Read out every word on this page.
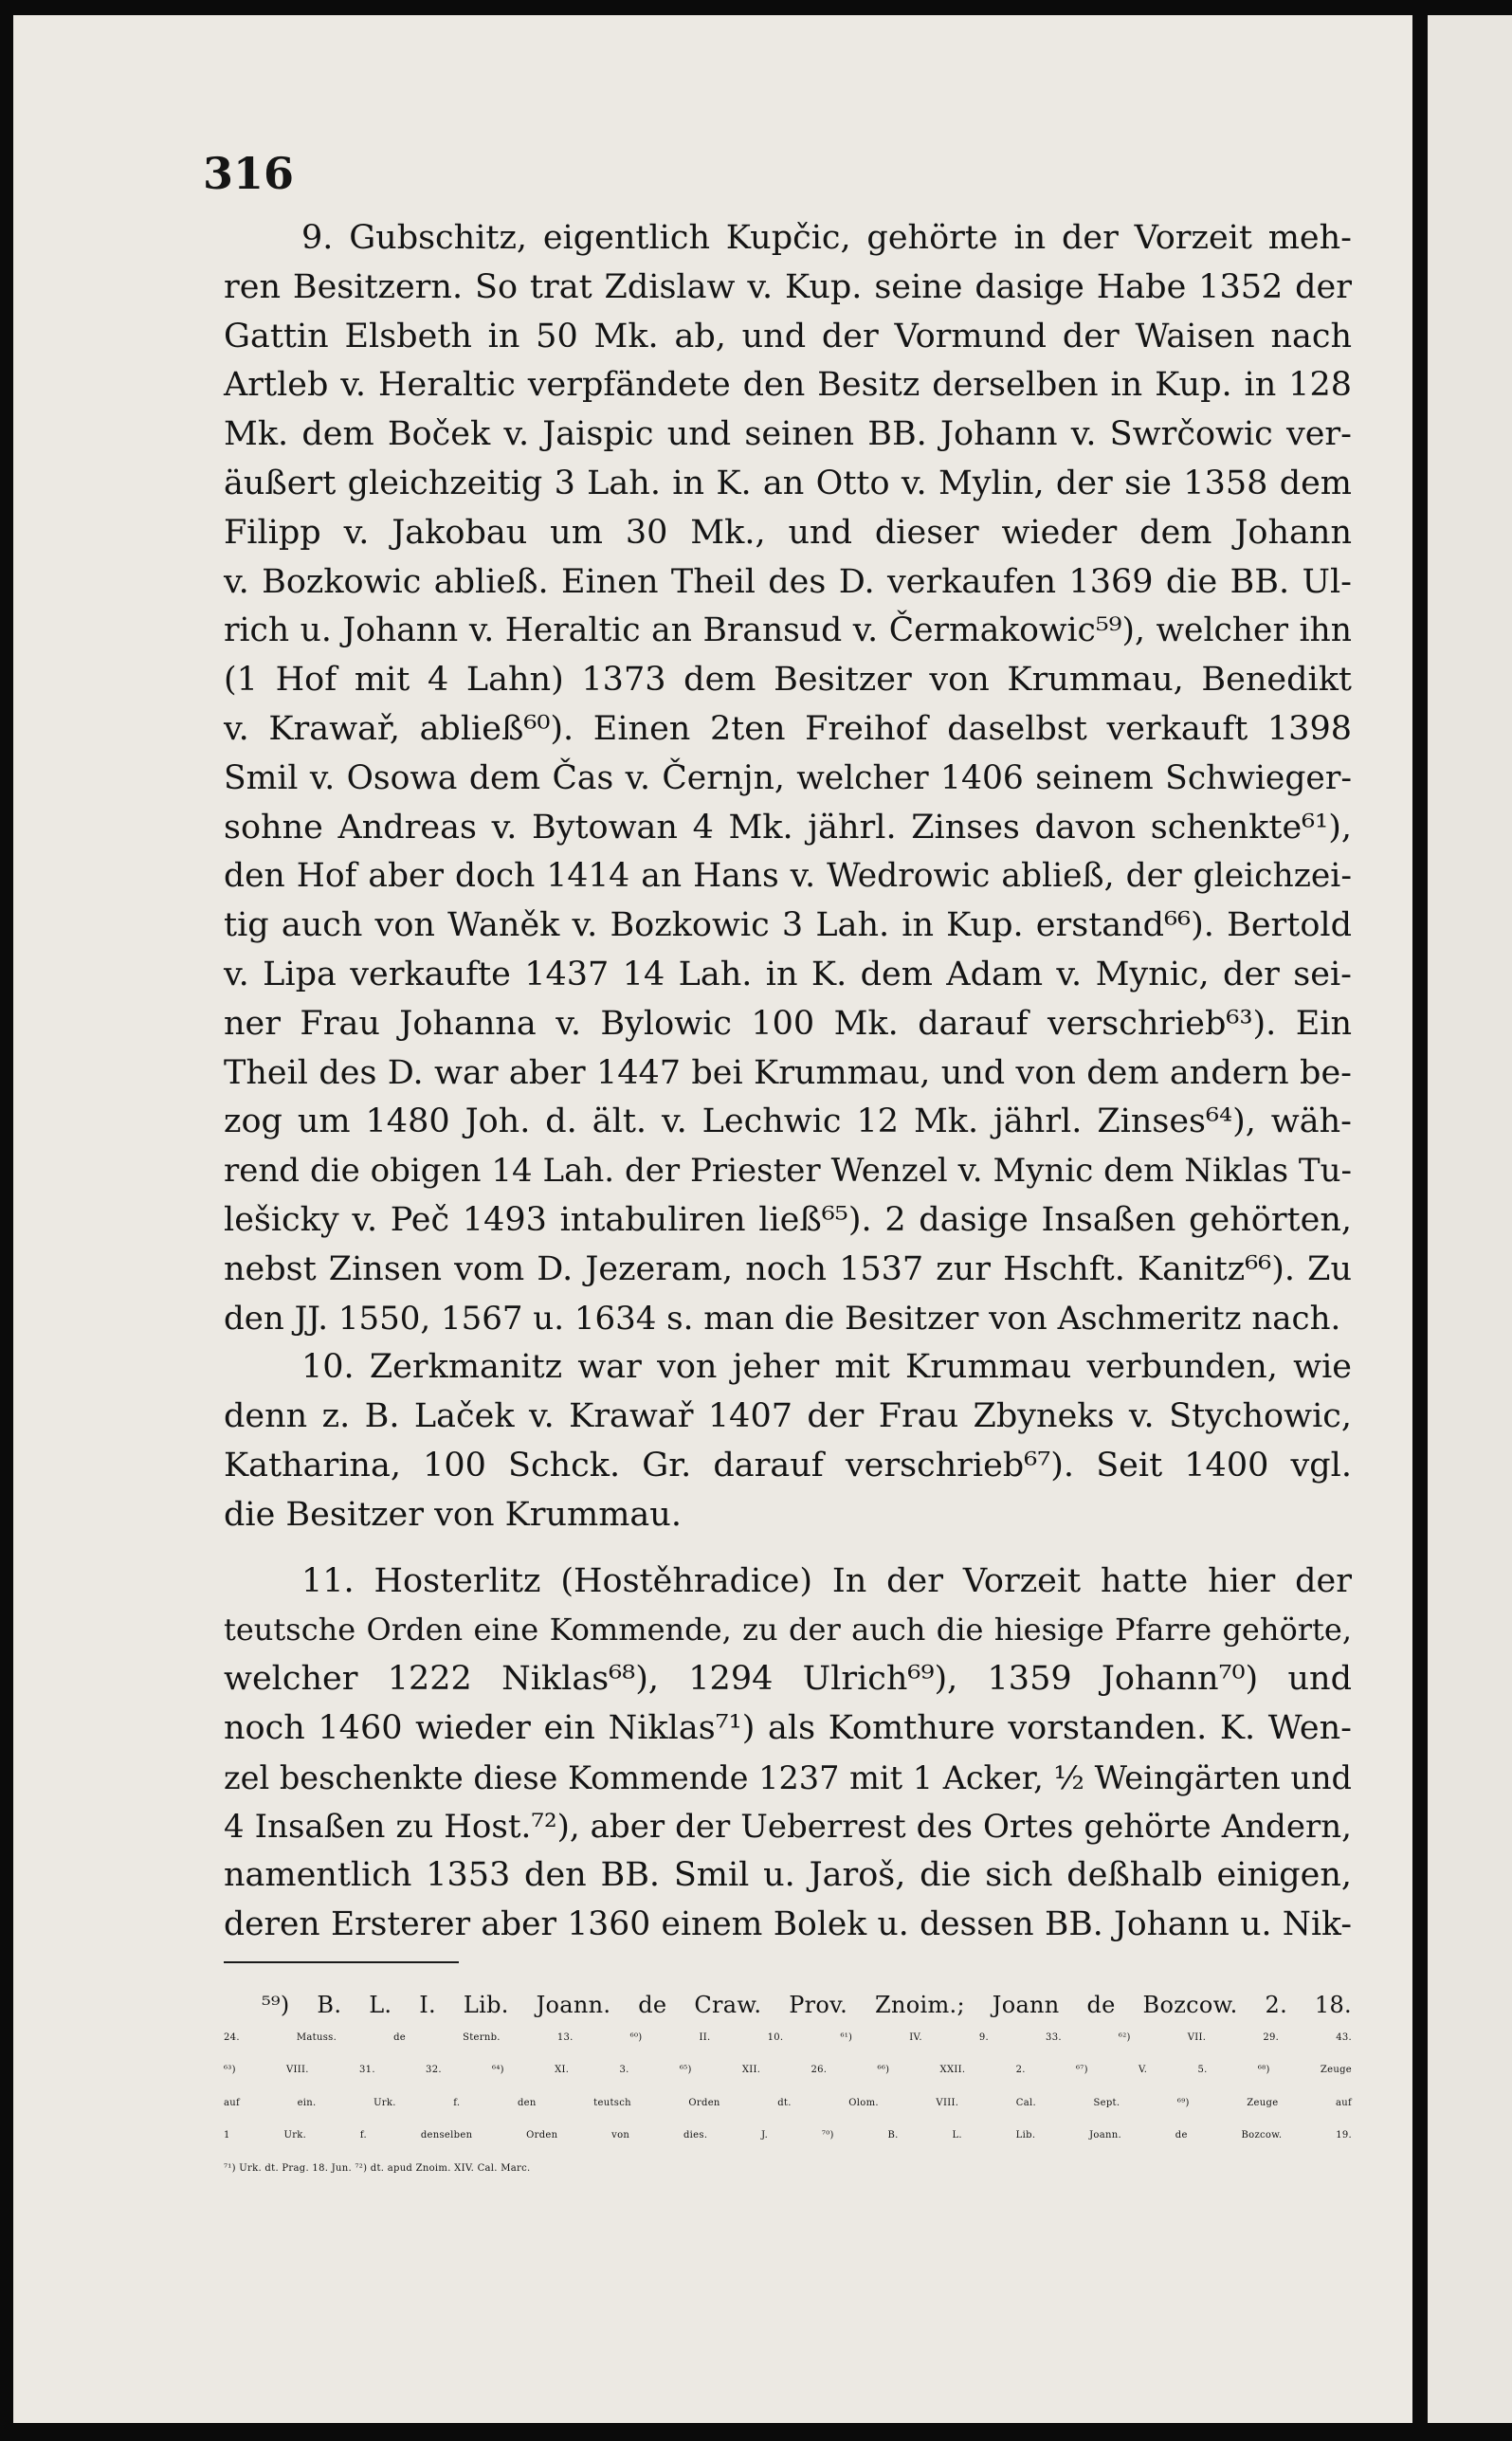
316
9. Gubschitz, eigentlich Kupčic, gehörte in der Vorzeit meh-
ren Besitzern. So trat Zdislaw v. Kup. seine dasige Habe 1352 der
Gattin Elsbeth in 50 Mk. ab, und der Vormund der Waisen nach
Artleb v. Heraltic verpfändete den Besitz derselben in Kup. in 128
Mk. dem Boček v. Jaispic und seinen BB. Johann v. Swrčowic ver-
äußert gleichzeitig 3 Lah. in K. an Otto v. Mylin, der sie 1358 dem
Filipp v. Jakobau um 30 Mk., und dieser wieder dem Johann
v. Bozkowic abließ. Einen Theil des D. verkaufen 1369 die BB. Ul-
rich u. Johann v. Heraltic an Bransud v. Čermakowic⁵⁹), welcher ihn
(1 Hof mit 4 Lahn) 1373 dem Besitzer von Krummau, Benedikt
v. Krawař, abließ⁶⁰). Einen 2ten Freihof daselbst verkauft 1398
Smil v. Osowa dem Čas v. Černjn, welcher 1406 seinem Schwieger-
sohne Andreas v. Bytowan 4 Mk. jährl. Zinses davon schenkte⁶¹),
den Hof aber doch 1414 an Hans v. Wedrowic abließ, der gleichzei-
tig auch von Waněk v. Bozkowic 3 Lah. in Kup. erstand⁶⁶). Bertold
v. Lipa verkaufte 1437 14 Lah. in K. dem Adam v. Mynic, der sei-
ner Frau Johanna v. Bylowic 100 Mk. darauf verschrieb⁶³). Ein
Theil des D. war aber 1447 bei Krummau, und von dem andern be-
zog um 1480 Joh. d. ält. v. Lechwic 12 Mk. jährl. Zinses⁶⁴), wäh-
rend die obigen 14 Lah. der Priester Wenzel v. Mynic dem Niklas Tu-
lešicky v. Peč 1493 intabuliren ließ⁶⁵). 2 dasige Insaßen gehörten,
nebst Zinsen vom D. Jezeram, noch 1537 zur Hschft. Kanitz⁶⁶). Zu
den JJ. 1550, 1567 u. 1634 s. man die Besitzer von Aschmeritz nach.
10. Zerkmanitz war von jeher mit Krummau verbunden, wie
denn z. B. Laček v. Krawař 1407 der Frau Zbyneks v. Stychowic,
Katharina, 100 Schck. Gr. darauf verschrieb⁶⁷). Seit 1400 vgl.
die Besitzer von Krummau.
11. Hosterlitz (Hostěhradice) In der Vorzeit hatte hier der
teutsche Orden eine Kommende, zu der auch die hiesige Pfarre gehörte,
welcher 1222 Niklas⁶⁸), 1294 Ulrich⁶⁹), 1359 Johann⁷⁰) und
noch 1460 wieder ein Niklas⁷¹) als Komthure vorstanden. K. Wen-
zel beschenkte diese Kommende 1237 mit 1 Acker, ½ Weingärten und
4 Insaßen zu Host.⁷²), aber der Ueberrest des Ortes gehörte Andern,
namentlich 1353 den BB. Smil u. Jaroš, die sich deßhalb einigen,
deren Ersterer aber 1360 einem Bolek u. dessen BB. Johann u. Nik-
⁵⁹) B. L. I. Lib. Joann. de Craw. Prov. Znoim.; Joann de Bozcow. 2. 18.
24. Matuss. de Sternb. 13. ⁶⁰) II. 10. ⁶¹) IV. 9. 33. ⁶²) VII. 29. 43.
⁶³) VIII. 31. 32. ⁶⁴) XI. 3. ⁶⁵) XII. 26. ⁶⁶) XXII. 2. ⁶⁷) V. 5. ⁶⁸) Zeuge
auf ein. Urk. f. den teutsch Orden dt. Olom. VIII. Cal. Sept. ⁶⁹) Zeuge auf
1 Urk. f. denselben Orden von dies. J. ⁷⁰) B. L. Lib. Joann. de Bozcow. 19.
⁷¹) Urk. dt. Prag. 18. Jun. ⁷²) dt. apud Znoim. XIV. Cal. Marc.
